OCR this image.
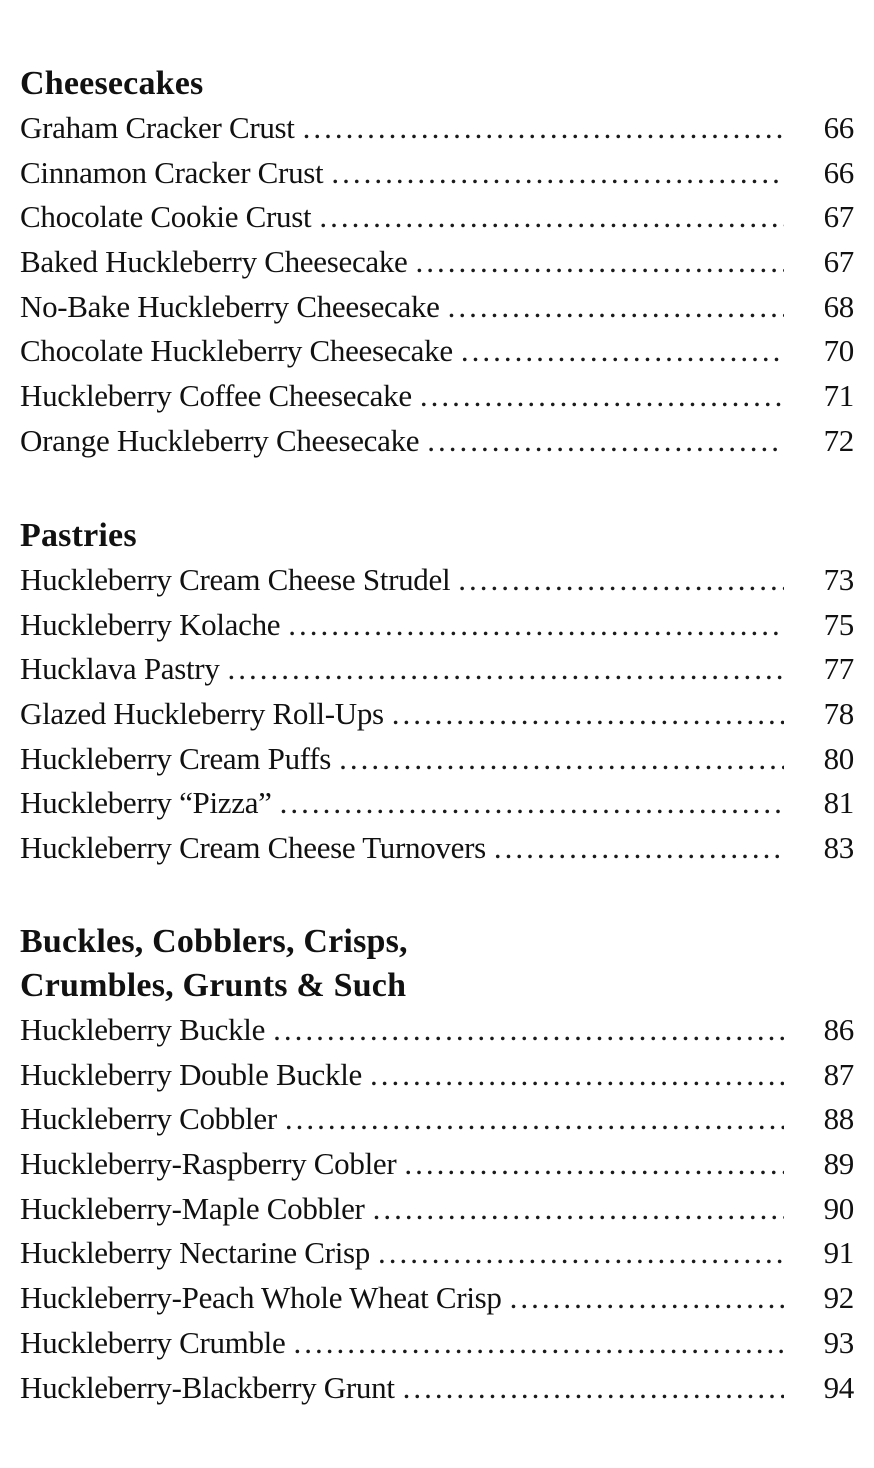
Cheesecakes
Graham Cracker Crust .....	66
Cinnamon Cracker Crust .....	66
Chocolate Cookie Crust .....	67
Baked Huckleberry Cheesecake .....	67
No-Bake Huckleberry Cheesecake .....	68
Chocolate Huckleberry Cheesecake .....	70
Huckleberry Coffee Cheesecake .....	71
Orange Huckleberry Cheesecake .....	72
Pastries
Huckleberry Cream Cheese Strudel .....	73
Huckleberry Kolache .....	75
Hucklava Pastry .....	77
Glazed Huckleberry Roll-Ups .....	78
Huckleberry Cream Puffs .....	80
Huckleberry “Pizza” .....	81
Huckleberry Cream Cheese Turnovers .....	83
Buckles, Cobblers, Crisps,
Crumbles, Grunts & Such
Huckleberry Buckle .....	86
Huckleberry Double Buckle .....	87
Huckleberry Cobbler .....	88
Huckleberry-Raspberry Cobler .....	89
Huckleberry-Maple Cobbler .....	90
Huckleberry Nectarine Crisp .....	91
Huckleberry-Peach Whole Wheat Crisp .....	92
Huckleberry Crumble .....	93
Huckleberry-Blackberry Grunt .....	94
